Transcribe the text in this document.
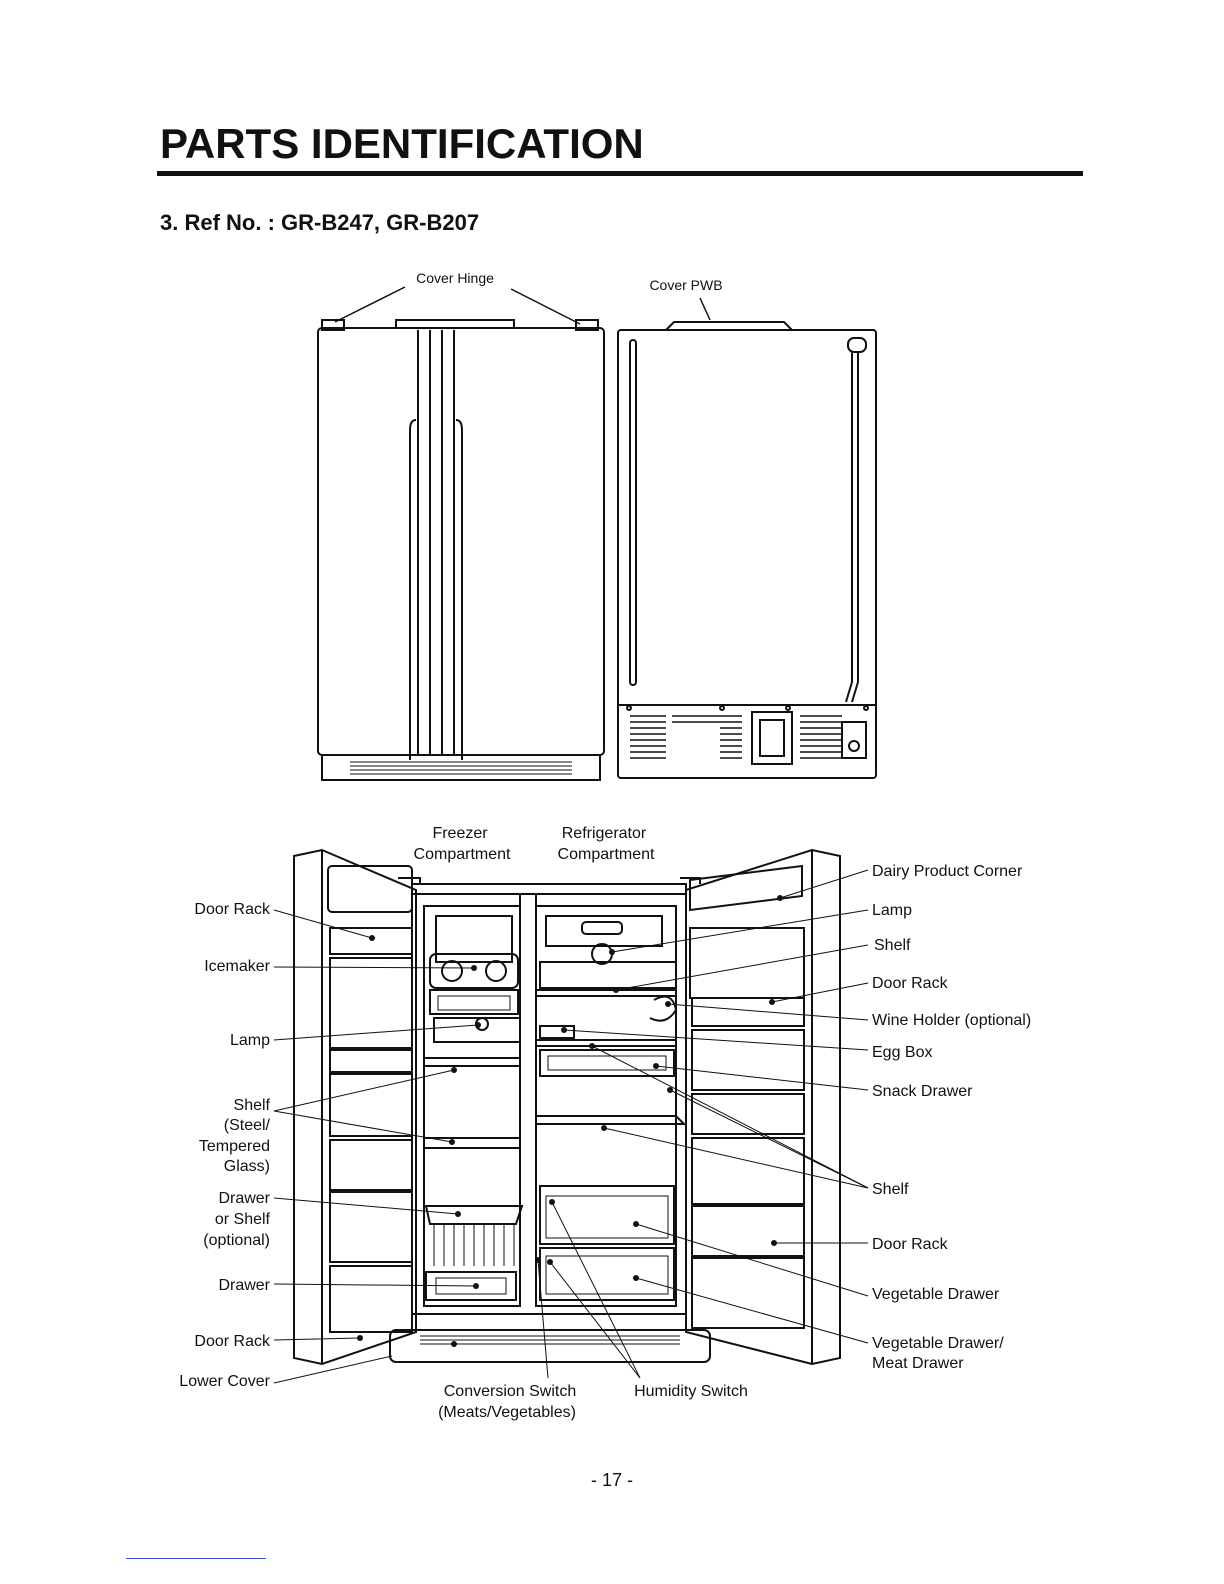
PARTS IDENTIFICATION
3. Ref No. : GR-B247, GR-B207
Cover Hinge	Cover PWB
Freezer
Compartment
Refrigerator
Compartment
Door Rack
Icemaker
Lamp
Shelf
(Steel/
Tempered
Glass)
Drawer
or Shelf
(optional)
Drawer
Door Rack
Lower Cover
Dairy Product Corner
Lamp
Shelf
Door Rack
Wine Holder (optional)
Egg Box
Snack Drawer
Shelf
Door Rack
Vegetable Drawer
Vegetable Drawer/
Meat Drawer
Conversion Switch
(Meats/Vegetables)
Humidity Switch
- 17 -
